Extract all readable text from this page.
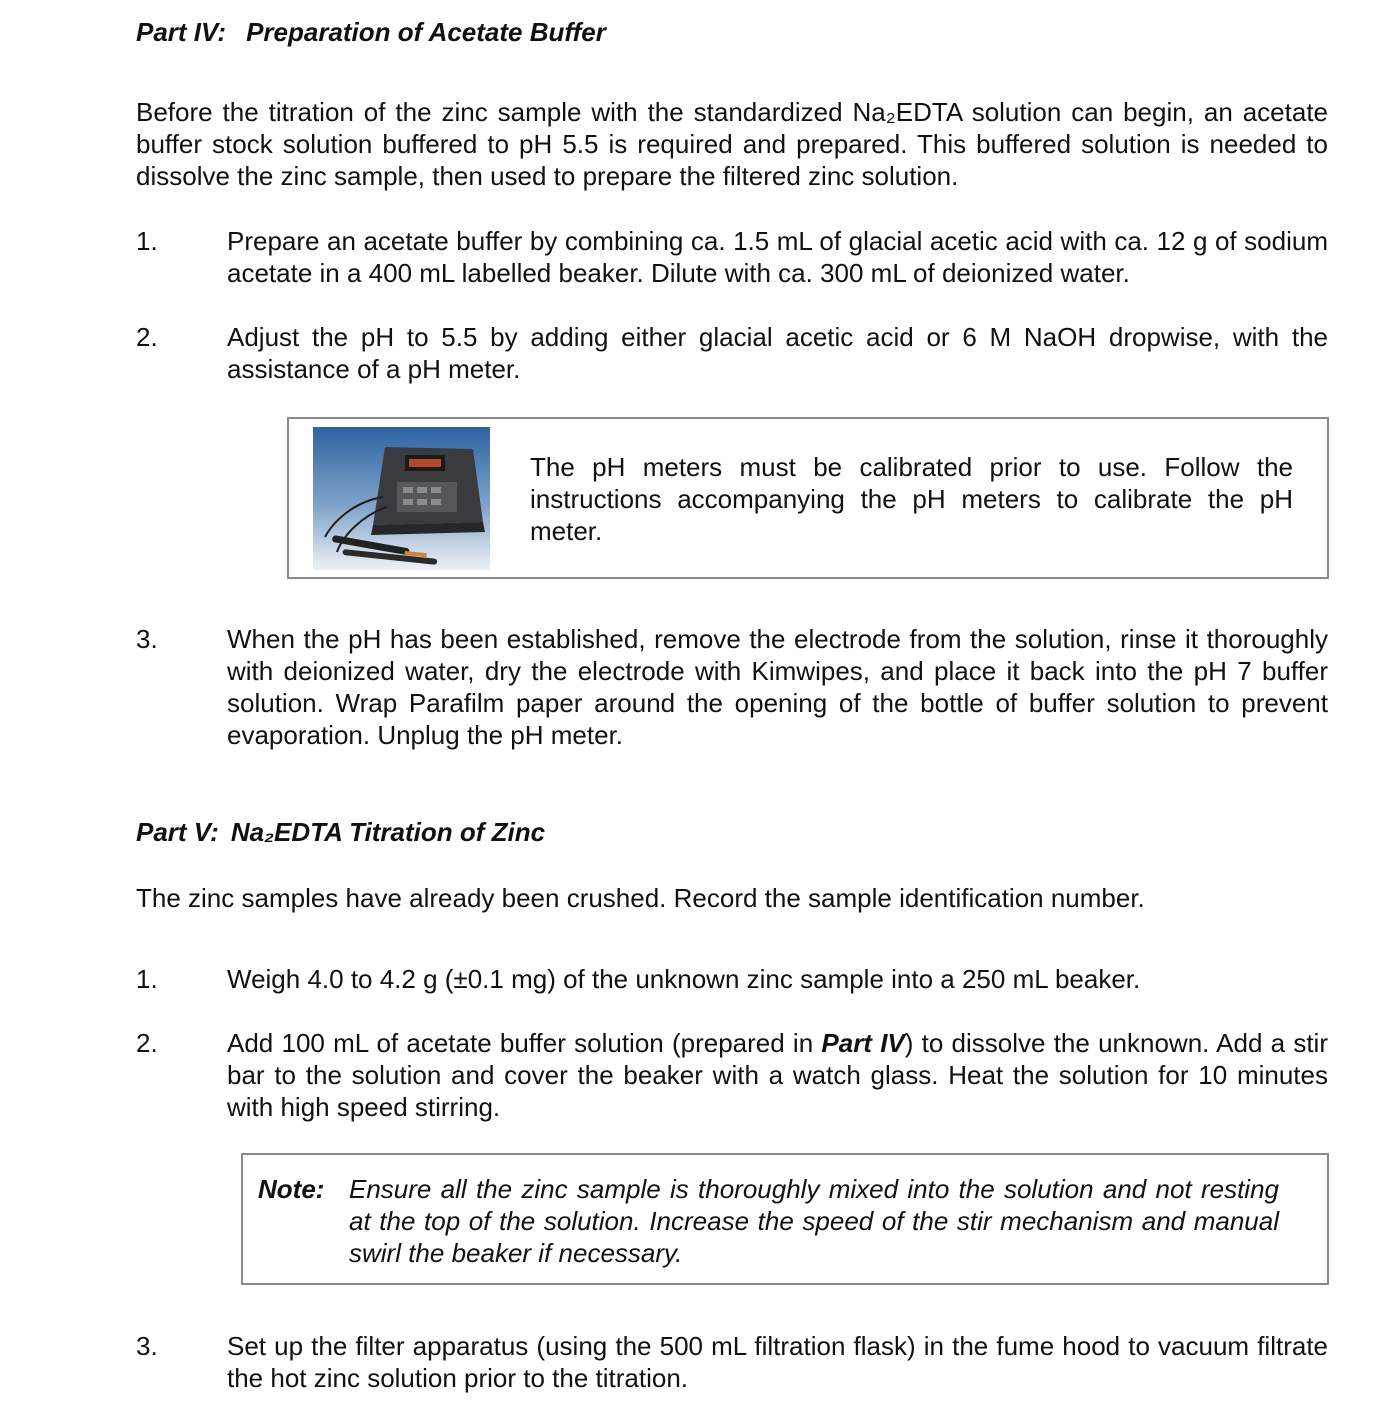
Part IV: Preparation of Acetate Buffer

Before the titration of the zinc sample with the standardized Na₂EDTA solution can begin, an acetate buffer stock solution buffered to pH 5.5 is required and prepared. This buffered solution is needed to dissolve the zinc sample, then used to prepare the filtered zinc solution.

1.	Prepare an acetate buffer by combining ca. 1.5 mL of glacial acetic acid with ca. 12 g of sodium acetate in a 400 mL labelled beaker. Dilute with ca. 300 mL of deionized water.
2.	Adjust the pH to 5.5 by adding either glacial acetic acid or 6 M NaOH dropwise, with the assistance of a pH meter.

The pH meters must be calibrated prior to use. Follow the instructions accompanying the pH meters to calibrate the pH meter.

3.	When the pH has been established, remove the electrode from the solution, rinse it thoroughly with deionized water, dry the electrode with Kimwipes, and place it back into the pH 7 buffer solution. Wrap Parafilm paper around the opening of the bottle of buffer solution to prevent evaporation. Unplug the pH meter.
Part V: Na₂EDTA Titration of Zinc

The zinc samples have already been crushed. Record the sample identification number.

1.	Weigh 4.0 to 4.2 g (±0.1 mg) of the unknown zinc sample into a 250 mL beaker.
2.	Add 100 mL of acetate buffer solution (prepared in Part IV) to dissolve the unknown. Add a stir bar to the solution and cover the beaker with a watch glass. Heat the solution for 10 minutes with high speed stirring.
Note: Ensure all the zinc sample is thoroughly mixed into the solution and not resting at the top of the solution. Increase the speed of the stir mechanism and manual swirl the beaker if necessary.

3.	Set up the filter apparatus (using the 500 mL filtration flask) in the fume hood to vacuum filtrate the hot zinc solution prior to the titration.
